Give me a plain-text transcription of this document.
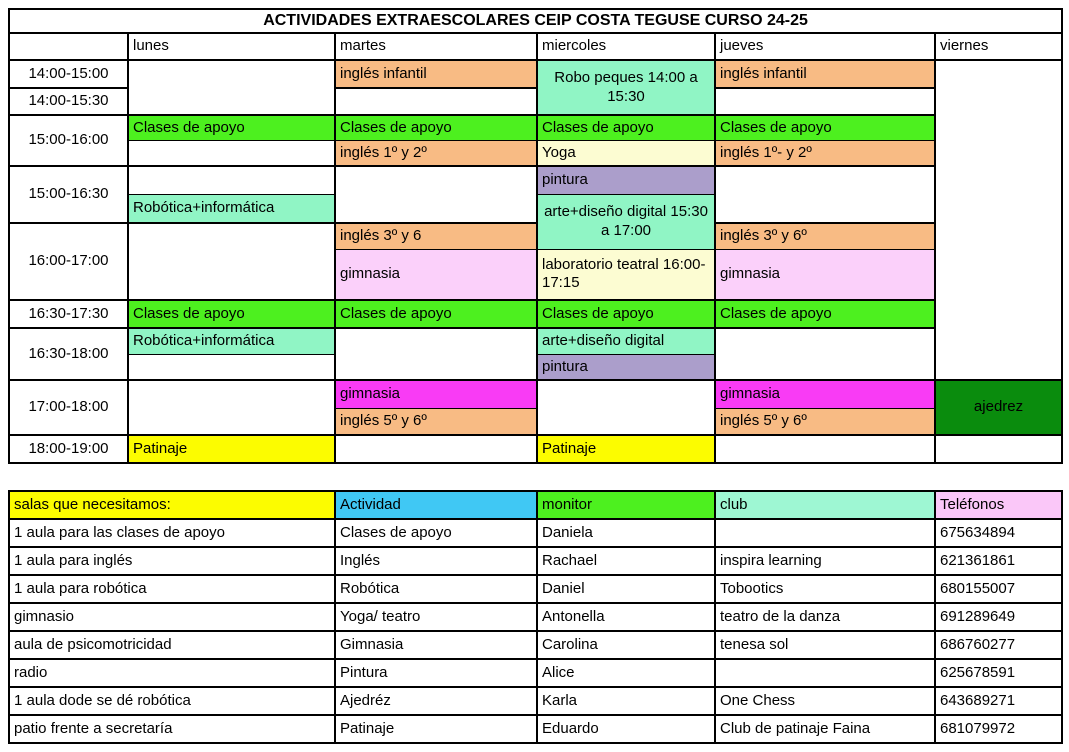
ACTIVIDADES EXTRAESCOLARES CEIP COSTA TEGUSE CURSO 24-25					
	lunes	martes	miercoles	jueves	viernes
14:00-15:00		inglés infantil	Robo peques 14:00 a 15:30	inglés infantil	
14:00-15:30					
15:00-16:00	Clases de apoyo	Clases de apoyo	Clases de apoyo	Clases de apoyo	
		inglés 1º y 2º	Yoga	inglés 1º- y 2º	
15:00-16:30			pintura		
	Robótica+informática		arte+diseño digital 15:30 a 17:00		
16:00-17:00		inglés 3º y 6		inglés 3º y 6º	
		gimnasia	laboratorio teatral 16:00-17:15	gimnasia	
16:30-17:30	Clases de apoyo	Clases de apoyo	Clases de apoyo	Clases de apoyo	
16:30-18:00	Robótica+informática		arte+diseño digital		
			pintura		
17:00-18:00		gimnasia		gimnasia	ajedrez
		inglés 5º y 6º		inglés 5º y 6º	
18:00-19:00	Patinaje		Patinaje		
salas que necesitamos:	Actividad	monitor	club	Teléfonos
1 aula para las clases de apoyo	Clases de apoyo	Daniela		675634894
1 aula para inglés	Inglés	Rachael	inspira learning	621361861
1 aula para robótica	Robótica	Daniel	Tobootics	680155007
gimnasio	Yoga/ teatro	Antonella	teatro de la danza	691289649
aula de psicomotricidad	Gimnasia	Carolina	tenesa sol	686760277
radio	Pintura	Alice		625678591
1 aula dode se dé robótica	Ajedréz	Karla	One Chess	643689271
patio frente a secretaría	Patinaje	Eduardo	Club de patinaje Faina	681079972
